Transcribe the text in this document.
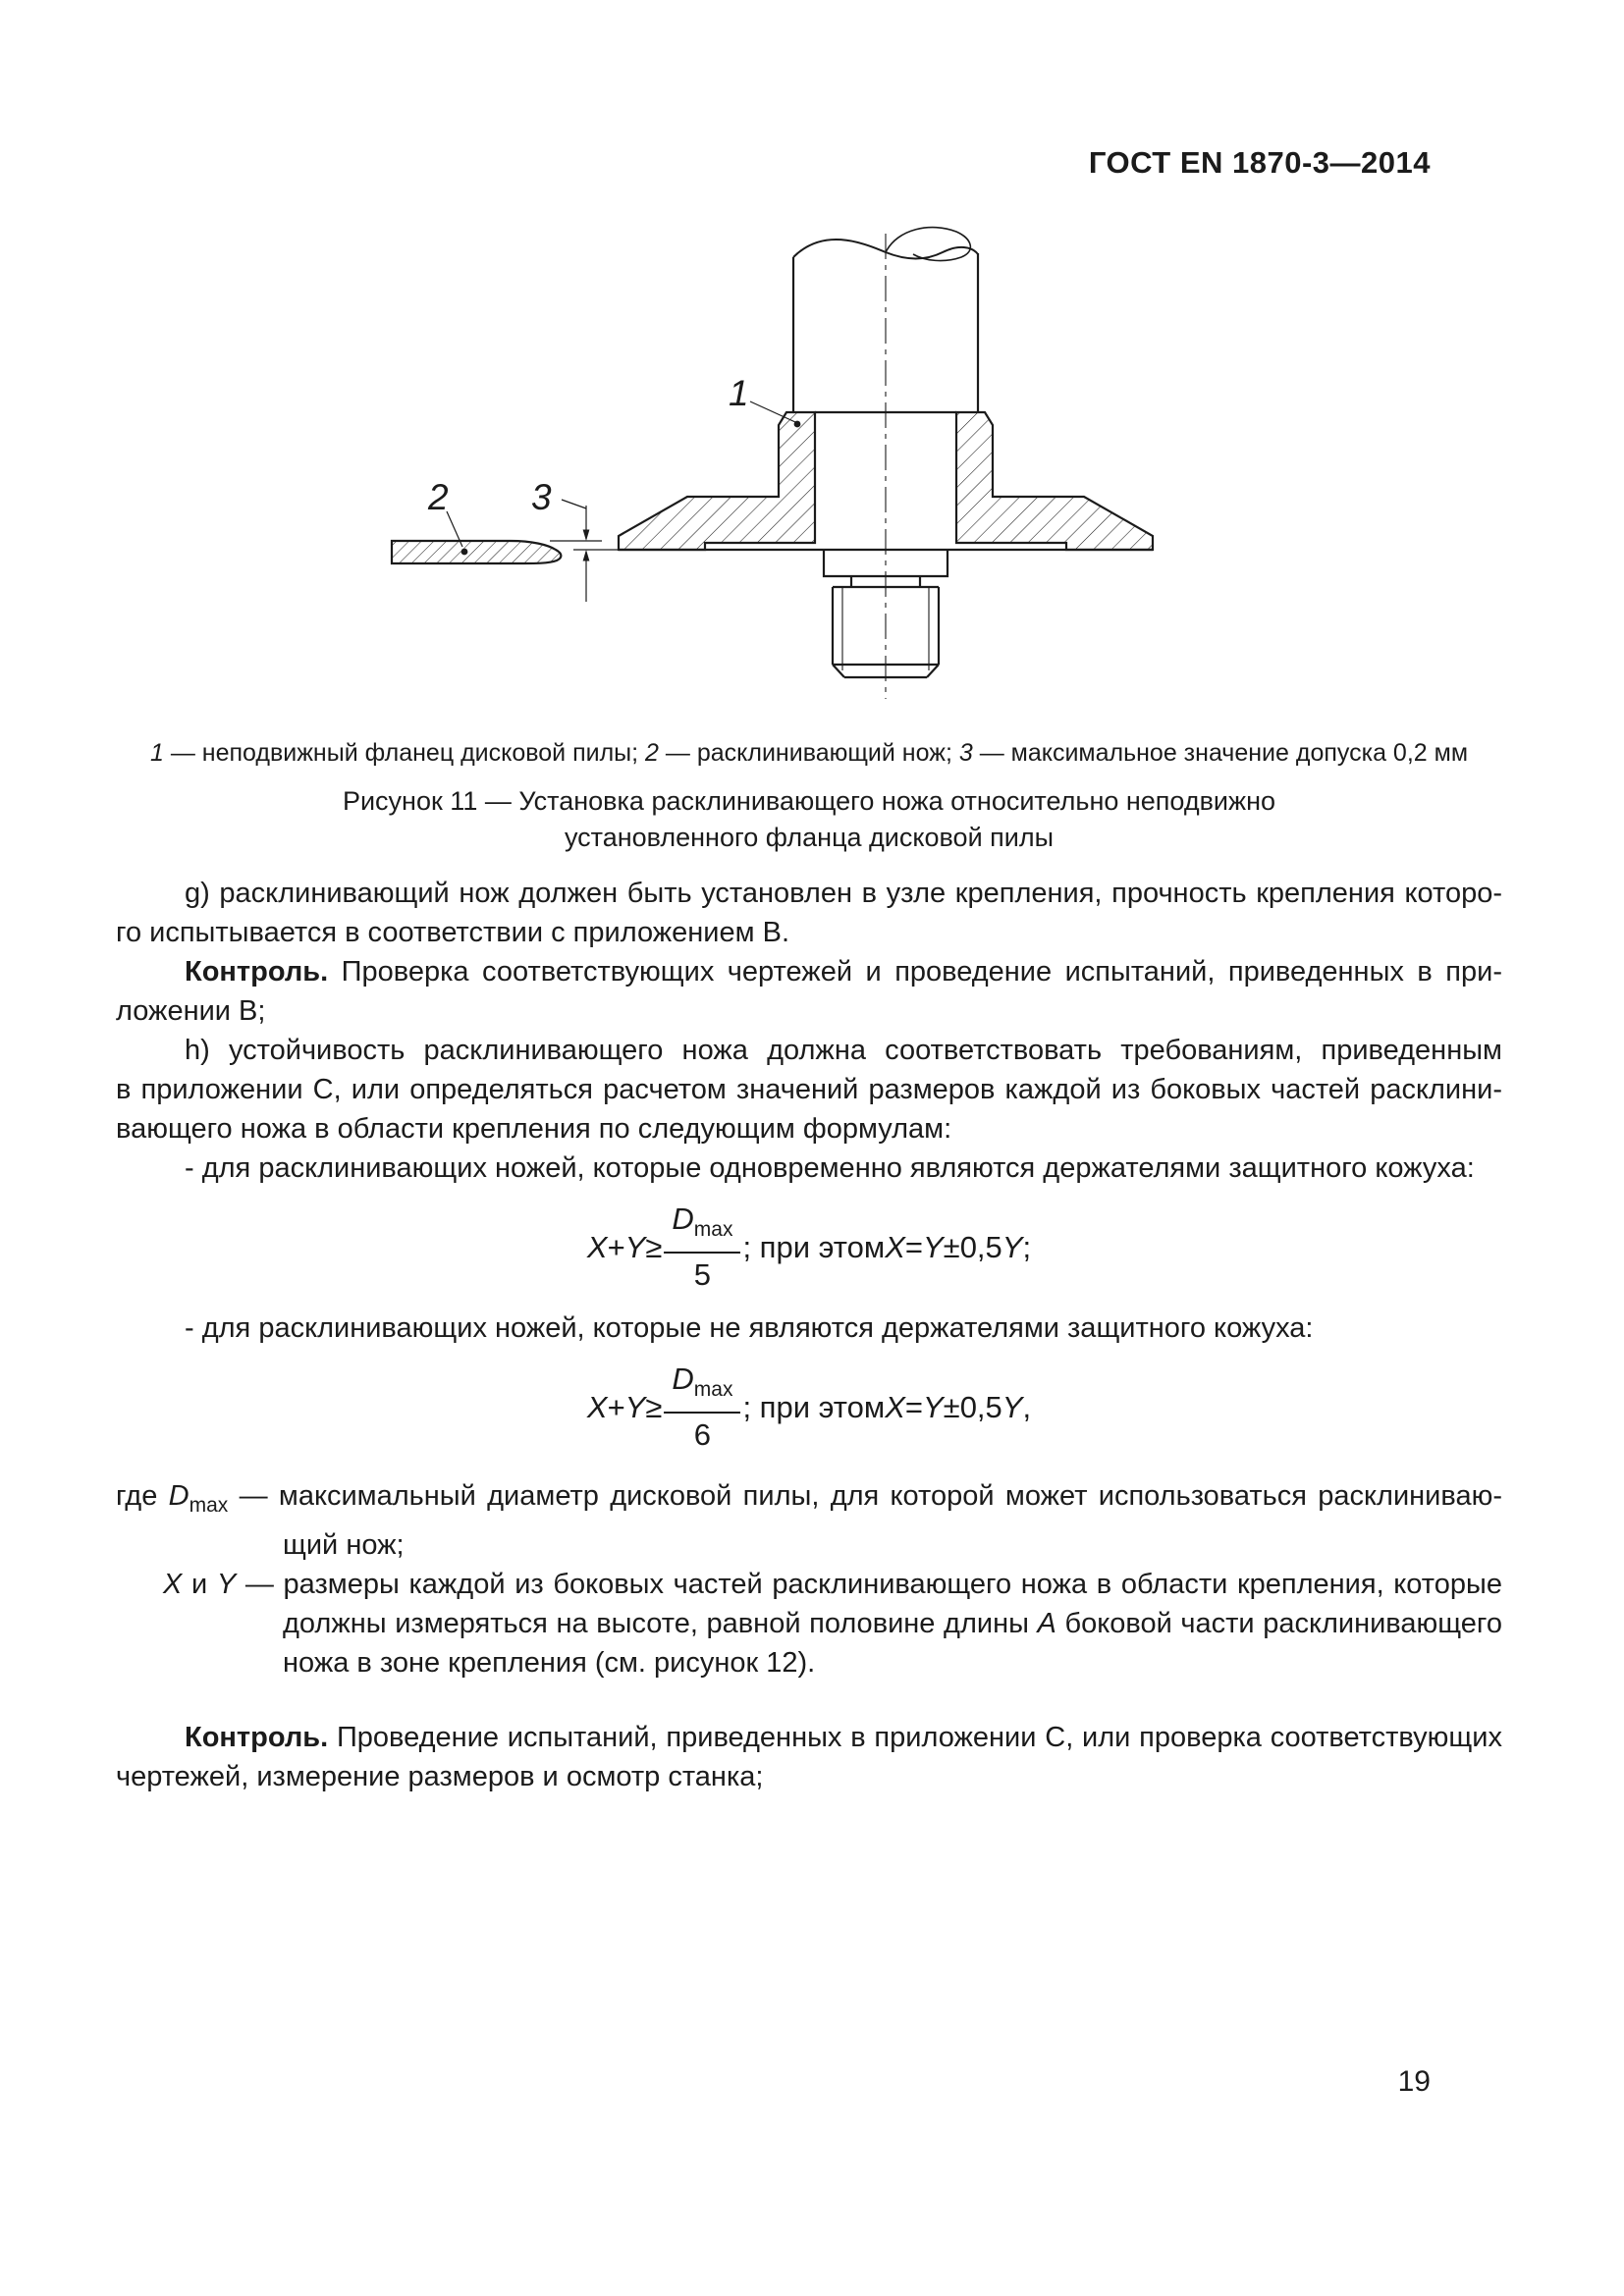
ГОСТ EN 1870-3—2014
1
2 3
1 — неподвижный фланец дисковой пилы; 2 — расклинивающий нож; 3 — максимальное значение допуска 0,2 мм
Рисунок 11 — Установка расклинивающего ножа относительно неподвижно
установленного фланца дисковой пилы
g) расклинивающий нож должен быть установлен в узле крепления, прочность крепления которо-
го испытывается в соответствии с приложением B.
Контроль. Проверка соответствующих чертежей и проведение испытаний, приведенных в при-
ложении B;
h) устойчивость расклинивающего ножа должна соответствовать требованиям, приведенным
в приложении C, или определяться расчетом значений размеров каждой из боковых частей расклини-
вающего ножа в области крепления по следующим формулам:
- для расклинивающих ножей, которые одновременно являются держателями защитного кожуха:
$X + Y \ge \frac{D_{max}}{5}$ ; при этом X = Y ± 0,5 Y ;
- для расклинивающих ножей, которые не являются держателями защитного кожуха:
$X + Y \ge \frac{D_{max}}{6}$ ; при этом X = Y ± 0,5 Y ,
где $D_{max}$ — максимальный диаметр дисковой пилы, для которой может использоваться расклиниваю-
щий нож;
X и Y — размеры каждой из боковых частей расклинивающего ножа в области крепления, которые
должны измеряться на высоте, равной половине длины A боковой части расклинивающего
ножа в зоне крепления (см. рисунок 12).
Контроль. Проведение испытаний, приведенных в приложении C, или проверка соответствующих
чертежей, измерение размеров и осмотр станка;
19
